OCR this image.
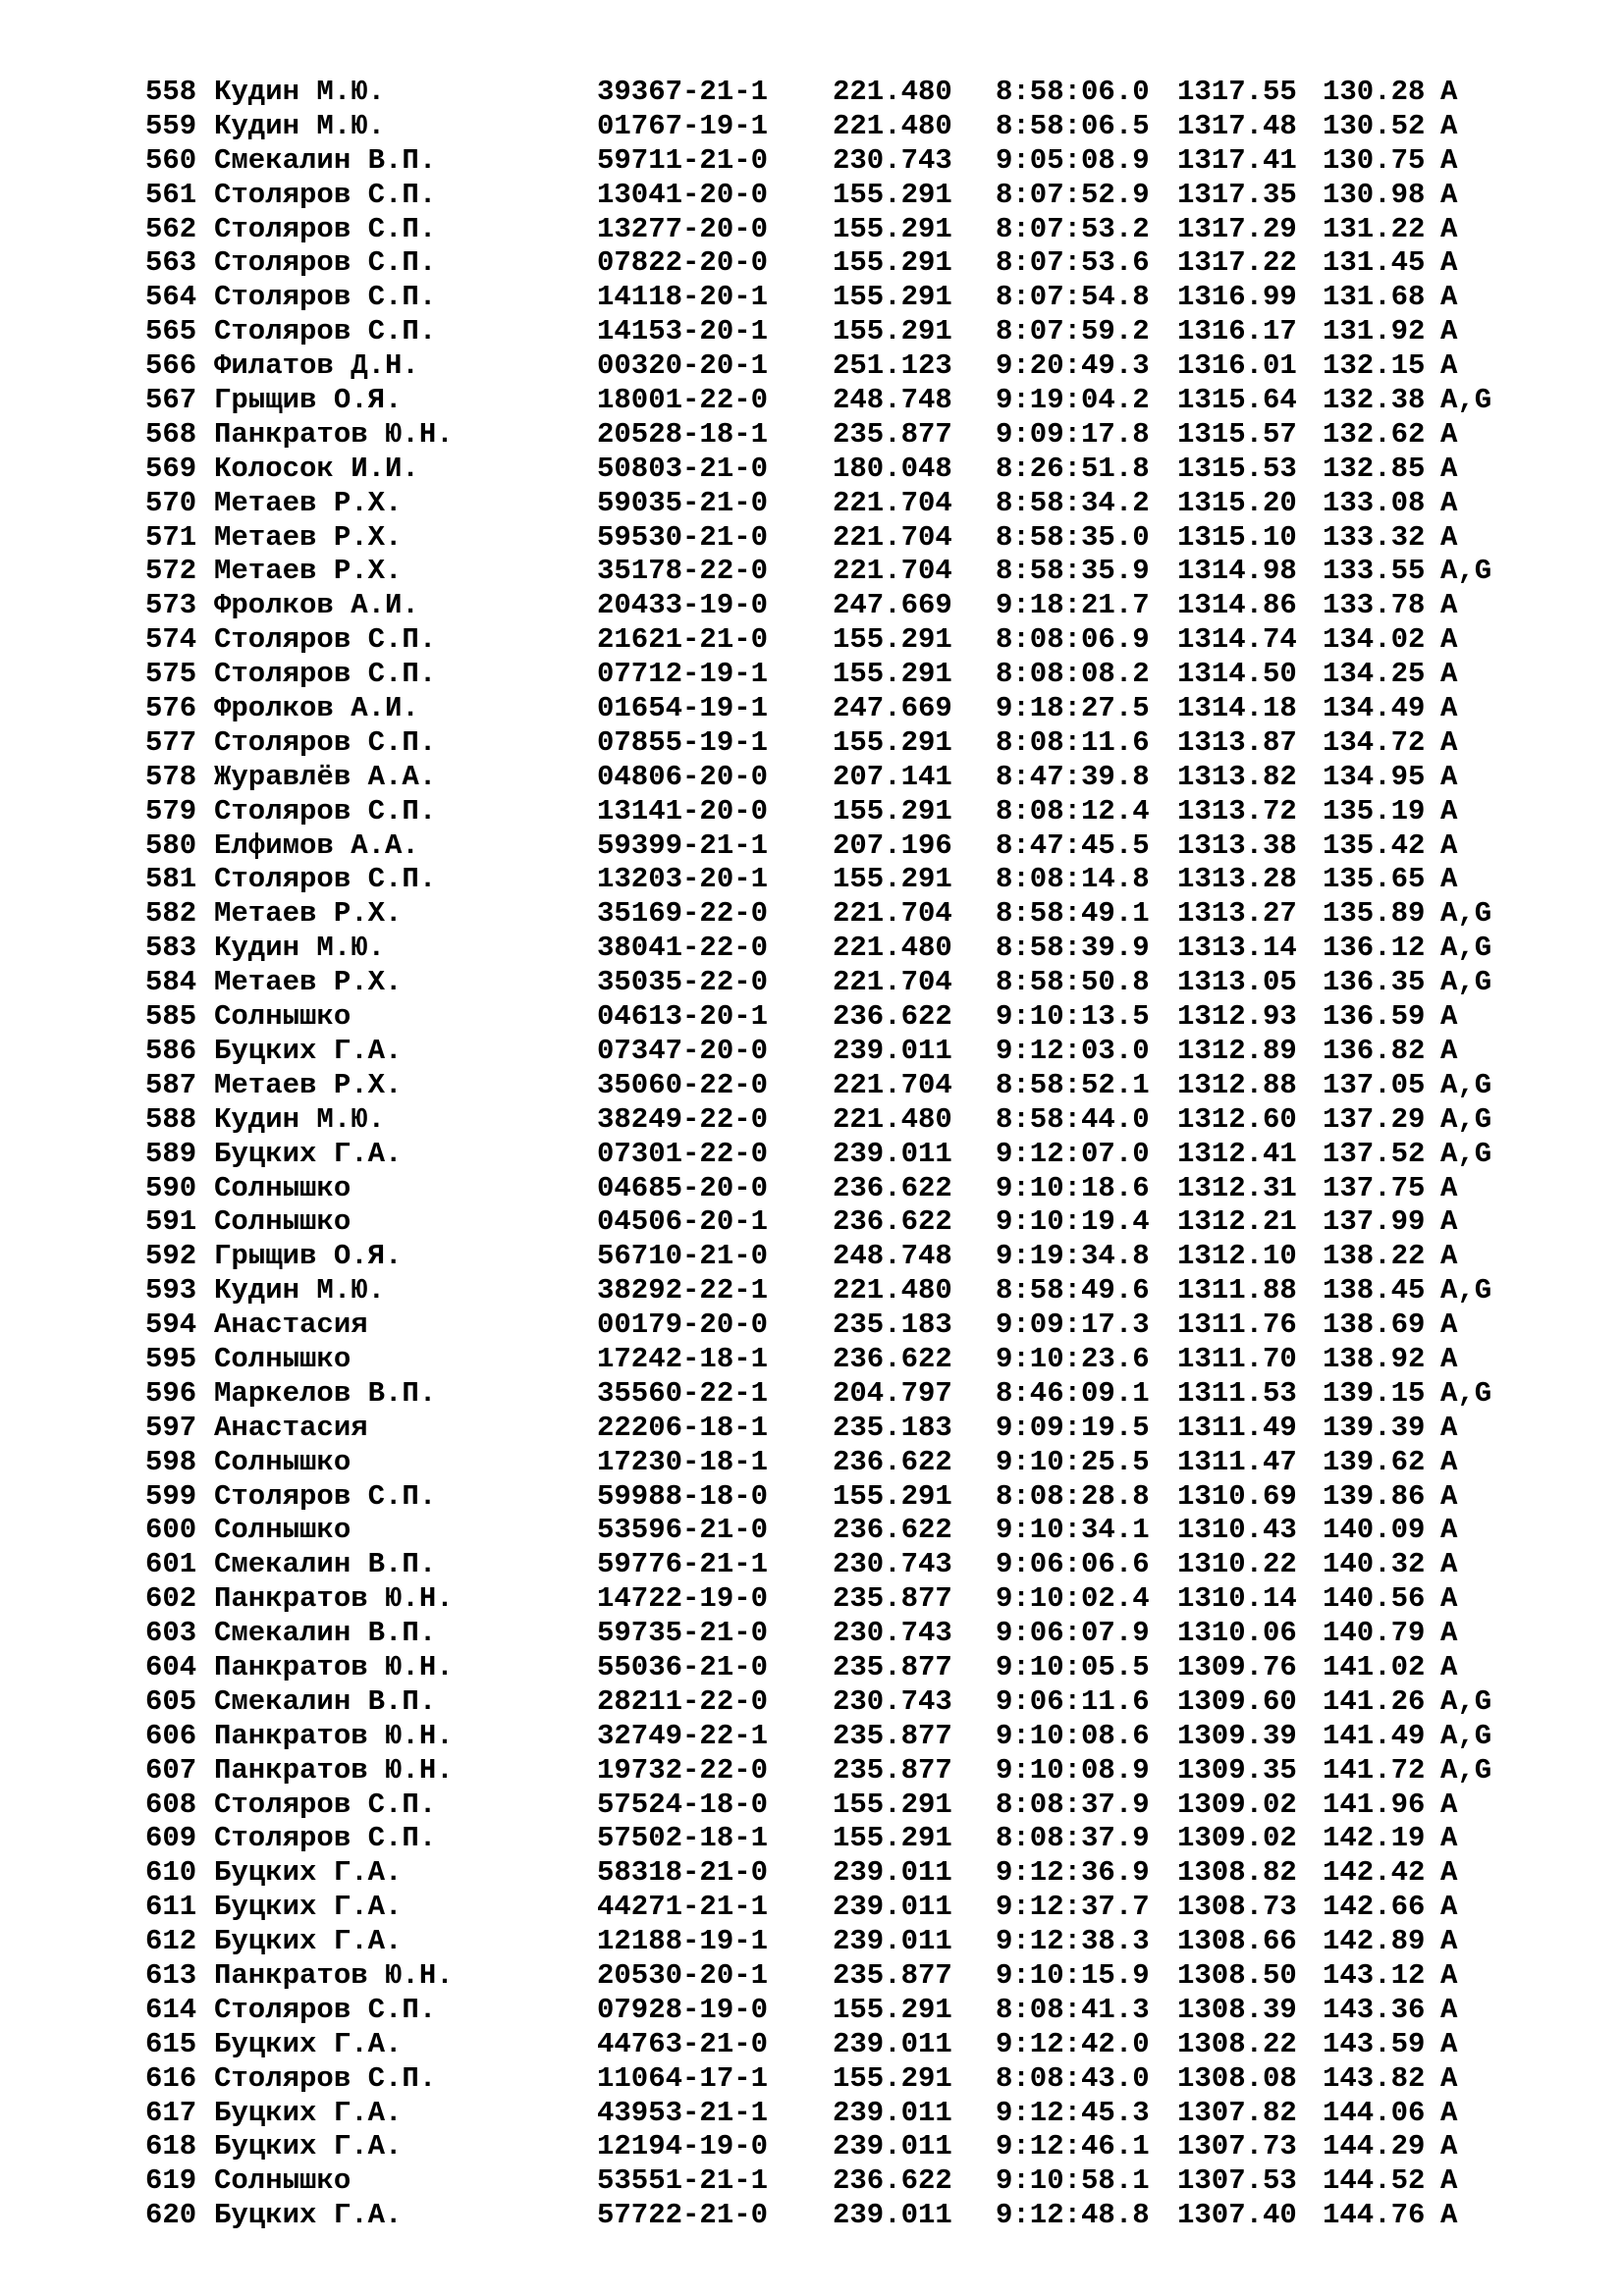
558 Кудин М.Ю.	39367-21-1 221.480 8:58:06.0 1317.55 130.28 A
559 Кудин М.Ю.	01767-19-1 221.480 8:58:06.5 1317.48 130.52 A
560 Смекалин В.П.	59711-21-0 230.743 9:05:08.9 1317.41 130.75 A
561 Столяров С.П.	13041-20-0 155.291 8:07:52.9 1317.35 130.98 A
562 Столяров С.П.	13277-20-0 155.291 8:07:53.2 1317.29 131.22 A
563 Столяров С.П.	07822-20-0 155.291 8:07:53.6 1317.22 131.45 A
564 Столяров С.П.	14118-20-1 155.291 8:07:54.8 1316.99 131.68 A
565 Столяров С.П.	14153-20-1 155.291 8:07:59.2 1316.17 131.92 A
566 Филатов Д.Н.	00320-20-1 251.123 9:20:49.3 1316.01 132.15 A
567 Грыщив О.Я.	18001-22-0 248.748 9:19:04.2 1315.64 132.38 A,G
568 Панкратов Ю.Н.	20528-18-1 235.877 9:09:17.8 1315.57 132.62 A
569 Колосок И.И.	50803-21-0 180.048 8:26:51.8 1315.53 132.85 A
570 Метаев Р.Х.	59035-21-0 221.704 8:58:34.2 1315.20 133.08 A
571 Метаев Р.Х.	59530-21-0 221.704 8:58:35.0 1315.10 133.32 A
572 Метаев Р.Х.	35178-22-0 221.704 8:58:35.9 1314.98 133.55 A,G
573 Фролков А.И.	20433-19-0 247.669 9:18:21.7 1314.86 133.78 A
574 Столяров С.П.	21621-21-0 155.291 8:08:06.9 1314.74 134.02 A
575 Столяров С.П.	07712-19-1 155.291 8:08:08.2 1314.50 134.25 A
576 Фролков А.И.	01654-19-1 247.669 9:18:27.5 1314.18 134.49 A
577 Столяров С.П.	07855-19-1 155.291 8:08:11.6 1313.87 134.72 A
578 Журавлёв А.А.	04806-20-0 207.141 8:47:39.8 1313.82 134.95 A
579 Столяров С.П.	13141-20-0 155.291 8:08:12.4 1313.72 135.19 A
580 Елфимов А.А.	59399-21-1 207.196 8:47:45.5 1313.38 135.42 A
581 Столяров С.П.	13203-20-1 155.291 8:08:14.8 1313.28 135.65 A
582 Метаев Р.Х.	35169-22-0 221.704 8:58:49.1 1313.27 135.89 A,G
583 Кудин М.Ю.	38041-22-0 221.480 8:58:39.9 1313.14 136.12 A,G
584 Метаев Р.Х.	35035-22-0 221.704 8:58:50.8 1313.05 136.35 A,G
585 Солнышко	04613-20-1 236.622 9:10:13.5 1312.93 136.59 A
586 Буцких Г.А.	07347-20-0 239.011 9:12:03.0 1312.89 136.82 A
587 Метаев Р.Х.	35060-22-0 221.704 8:58:52.1 1312.88 137.05 A,G
588 Кудин М.Ю.	38249-22-0 221.480 8:58:44.0 1312.60 137.29 A,G
589 Буцких Г.А.	07301-22-0 239.011 9:12:07.0 1312.41 137.52 A,G
590 Солнышко	04685-20-0 236.622 9:10:18.6 1312.31 137.75 A
591 Солнышко	04506-20-1 236.622 9:10:19.4 1312.21 137.99 A
592 Грыщив О.Я.	56710-21-0 248.748 9:19:34.8 1312.10 138.22 A
593 Кудин М.Ю.	38292-22-1 221.480 8:58:49.6 1311.88 138.45 A,G
594 Анастасия	00179-20-0 235.183 9:09:17.3 1311.76 138.69 A
595 Солнышко	17242-18-1 236.622 9:10:23.6 1311.70 138.92 A
596 Маркелов В.П.	35560-22-1 204.797 8:46:09.1 1311.53 139.15 A,G
597 Анастасия	22206-18-1 235.183 9:09:19.5 1311.49 139.39 A
598 Солнышко	17230-18-1 236.622 9:10:25.5 1311.47 139.62 A
599 Столяров С.П.	59988-18-0 155.291 8:08:28.8 1310.69 139.86 A
600 Солнышко	53596-21-0 236.622 9:10:34.1 1310.43 140.09 A
601 Смекалин В.П.	59776-21-1 230.743 9:06:06.6 1310.22 140.32 A
602 Панкратов Ю.Н.	14722-19-0 235.877 9:10:02.4 1310.14 140.56 A
603 Смекалин В.П.	59735-21-0 230.743 9:06:07.9 1310.06 140.79 A
604 Панкратов Ю.Н.	55036-21-0 235.877 9:10:05.5 1309.76 141.02 A
605 Смекалин В.П.	28211-22-0 230.743 9:06:11.6 1309.60 141.26 A,G
606 Панкратов Ю.Н.	32749-22-1 235.877 9:10:08.6 1309.39 141.49 A,G
607 Панкратов Ю.Н.	19732-22-0 235.877 9:10:08.9 1309.35 141.72 A,G
608 Столяров С.П.	57524-18-0 155.291 8:08:37.9 1309.02 141.96 A
609 Столяров С.П.	57502-18-1 155.291 8:08:37.9 1309.02 142.19 A
610 Буцких Г.А.	58318-21-0 239.011 9:12:36.9 1308.82 142.42 A
611 Буцких Г.А.	44271-21-1 239.011 9:12:37.7 1308.73 142.66 A
612 Буцких Г.А.	12188-19-1 239.011 9:12:38.3 1308.66 142.89 A
613 Панкратов Ю.Н.	20530-20-1 235.877 9:10:15.9 1308.50 143.12 A
614 Столяров С.П.	07928-19-0 155.291 8:08:41.3 1308.39 143.36 A
615 Буцких Г.А.	44763-21-0 239.011 9:12:42.0 1308.22 143.59 A
616 Столяров С.П.	11064-17-1 155.291 8:08:43.0 1308.08 143.82 A
617 Буцких Г.А.	43953-21-1 239.011 9:12:45.3 1307.82 144.06 A
618 Буцких Г.А.	12194-19-0 239.011 9:12:46.1 1307.73 144.29 A
619 Солнышко	53551-21-1 236.622 9:10:58.1 1307.53 144.52 A
620 Буцких Г.А.	57722-21-0 239.011 9:12:48.8 1307.40 144.76 A
